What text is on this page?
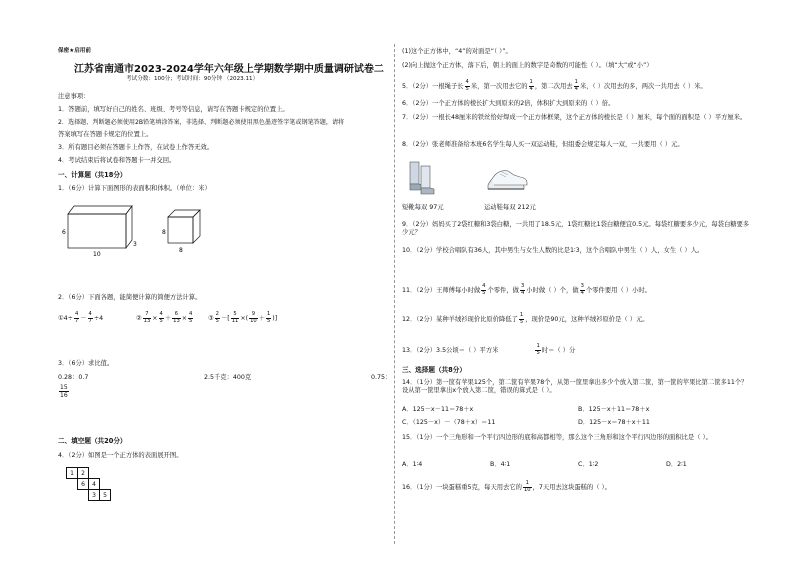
保密★启用前
江苏省南通市2023-2024学年六年级上学期数学期中质量调研试卷二
考试分数：100分；考试时间：90分钟 （2023.11）
注意事项：
1．答题前，填写好自己的姓名、班级、考号等信息，请写在答题卡规定的位置上。
2．选择题、判断题必须使用2B铅笔填涂答案，非选择、判断题必须使用黑色墨迹签字笔或钢笔答题，请将
答案填写在答题卡规定的位置上。
3．所有题目必须在答题卡上作答，在试卷上作答无效。
4．考试结束后将试卷和答题卡一并交回。
一、计算题（共18分）
1．（6分）计算下面图形的表面积和体积。（单位：米）
6
3
10
8
8
2．（6分）下面各题，能简便计算的简便方法计算。
①4÷ $\frac{4}{7} - \frac{4}{7} \div 4$	② $\frac{7}{13} \times \frac{4}{5} + \frac{6}{13} \times \frac{4}{5}$ ③ $\frac{2}{5}$ －[ $\frac{5}{11}$ ×( $\frac{9}{10} + \frac{1}{5}$ )]
3．（6分）求比值。
0.28：0.7	2.5千克：400克	0.75：
$\frac{15}{16}$
二、填空题（共20分）
4．（2分）如图是一个正方体的表面展开图。
1	2		
	6	4	
		3	5
(1)这个正方体中，“4”的对面是“（ ）”。
(2)向上抛这个正方体，落下后，朝上的面上的数字是奇数的可能性（ ）。（填“大”或“小”）
5．（2分）一根绳子长 $\frac{4}{5}$ 米，第一次用去它的 $\frac{1}{4}$ ，第二次用去 $\frac{1}{4}$ 米，（ ）次用去的多，两次一共用去（ ）米。
6．（2分）一个正方体的棱长扩大到原来的2倍，体积扩大到原来的（ ）倍。
7．（2分）一根长48厘米的铁丝恰好焊成一个正方体框架，这个正方体的棱长是（ ）厘米，每个面的面积是（ ）平方厘米。
8．（2分）张老师准备给本班6名学生每人买一双运动鞋，但组委会规定每人一双，一共要用（ ）元。
短靴每双 97元	运动鞋每双 212元
9．（2分）妈妈买了2袋红糖和3袋白糖，一共用了18.5元，1袋红糖比1袋白糖便宜0.5元。每袋红糖要多少元，每袋白糖要多少元？
10．（2分）学校合唱队有36人，其中男生与女生人数的比是1∶3，这个合唱队中男生（ ）人，女生（ ）人。
11．（2分）王师傅每小时做 $\frac{4}{5}$ 个零件，做 $\frac{3}{4}$ 小时做（ ）个，做 $\frac{3}{4}$ 个零件要用（ ）小时。
12．（2分）某种羊绒衫现价比原价降低了 $\frac{1}{5}$ ，现价是90元，这种羊绒衫原价是（ ）元。
13．（2分）3.5公顷＝（ ）平方米	$\frac{1}{5}$ 时＝（ ）分
三、选择题（共8分）
14．（1分）第一筐有苹果125个，第二筐有苹果78个，从第一筐里拿出多少个放入第二筐，第一筐的苹果比第二筐多11个？设从第一筐里拿出x个放入第二筐，错误的算式是（ ）。
A．125－x－11＝78＋x	B．125－x＋11＝78＋x
C．（125－x）－（78＋x）＝11	D．125－x＝78＋x＋11
15．（1分）一个三角形和一个平行四边形的底和高都相等，那么这个三角形和这个平行四边形的面积比是（ ）。
A．1∶4	B．4∶1	C．1∶2	D．2∶1
16．（1分）一块蛋糕重5克，每天用去它的 $\frac{1}{10}$ ，7天用去这块蛋糕的（ ）。
